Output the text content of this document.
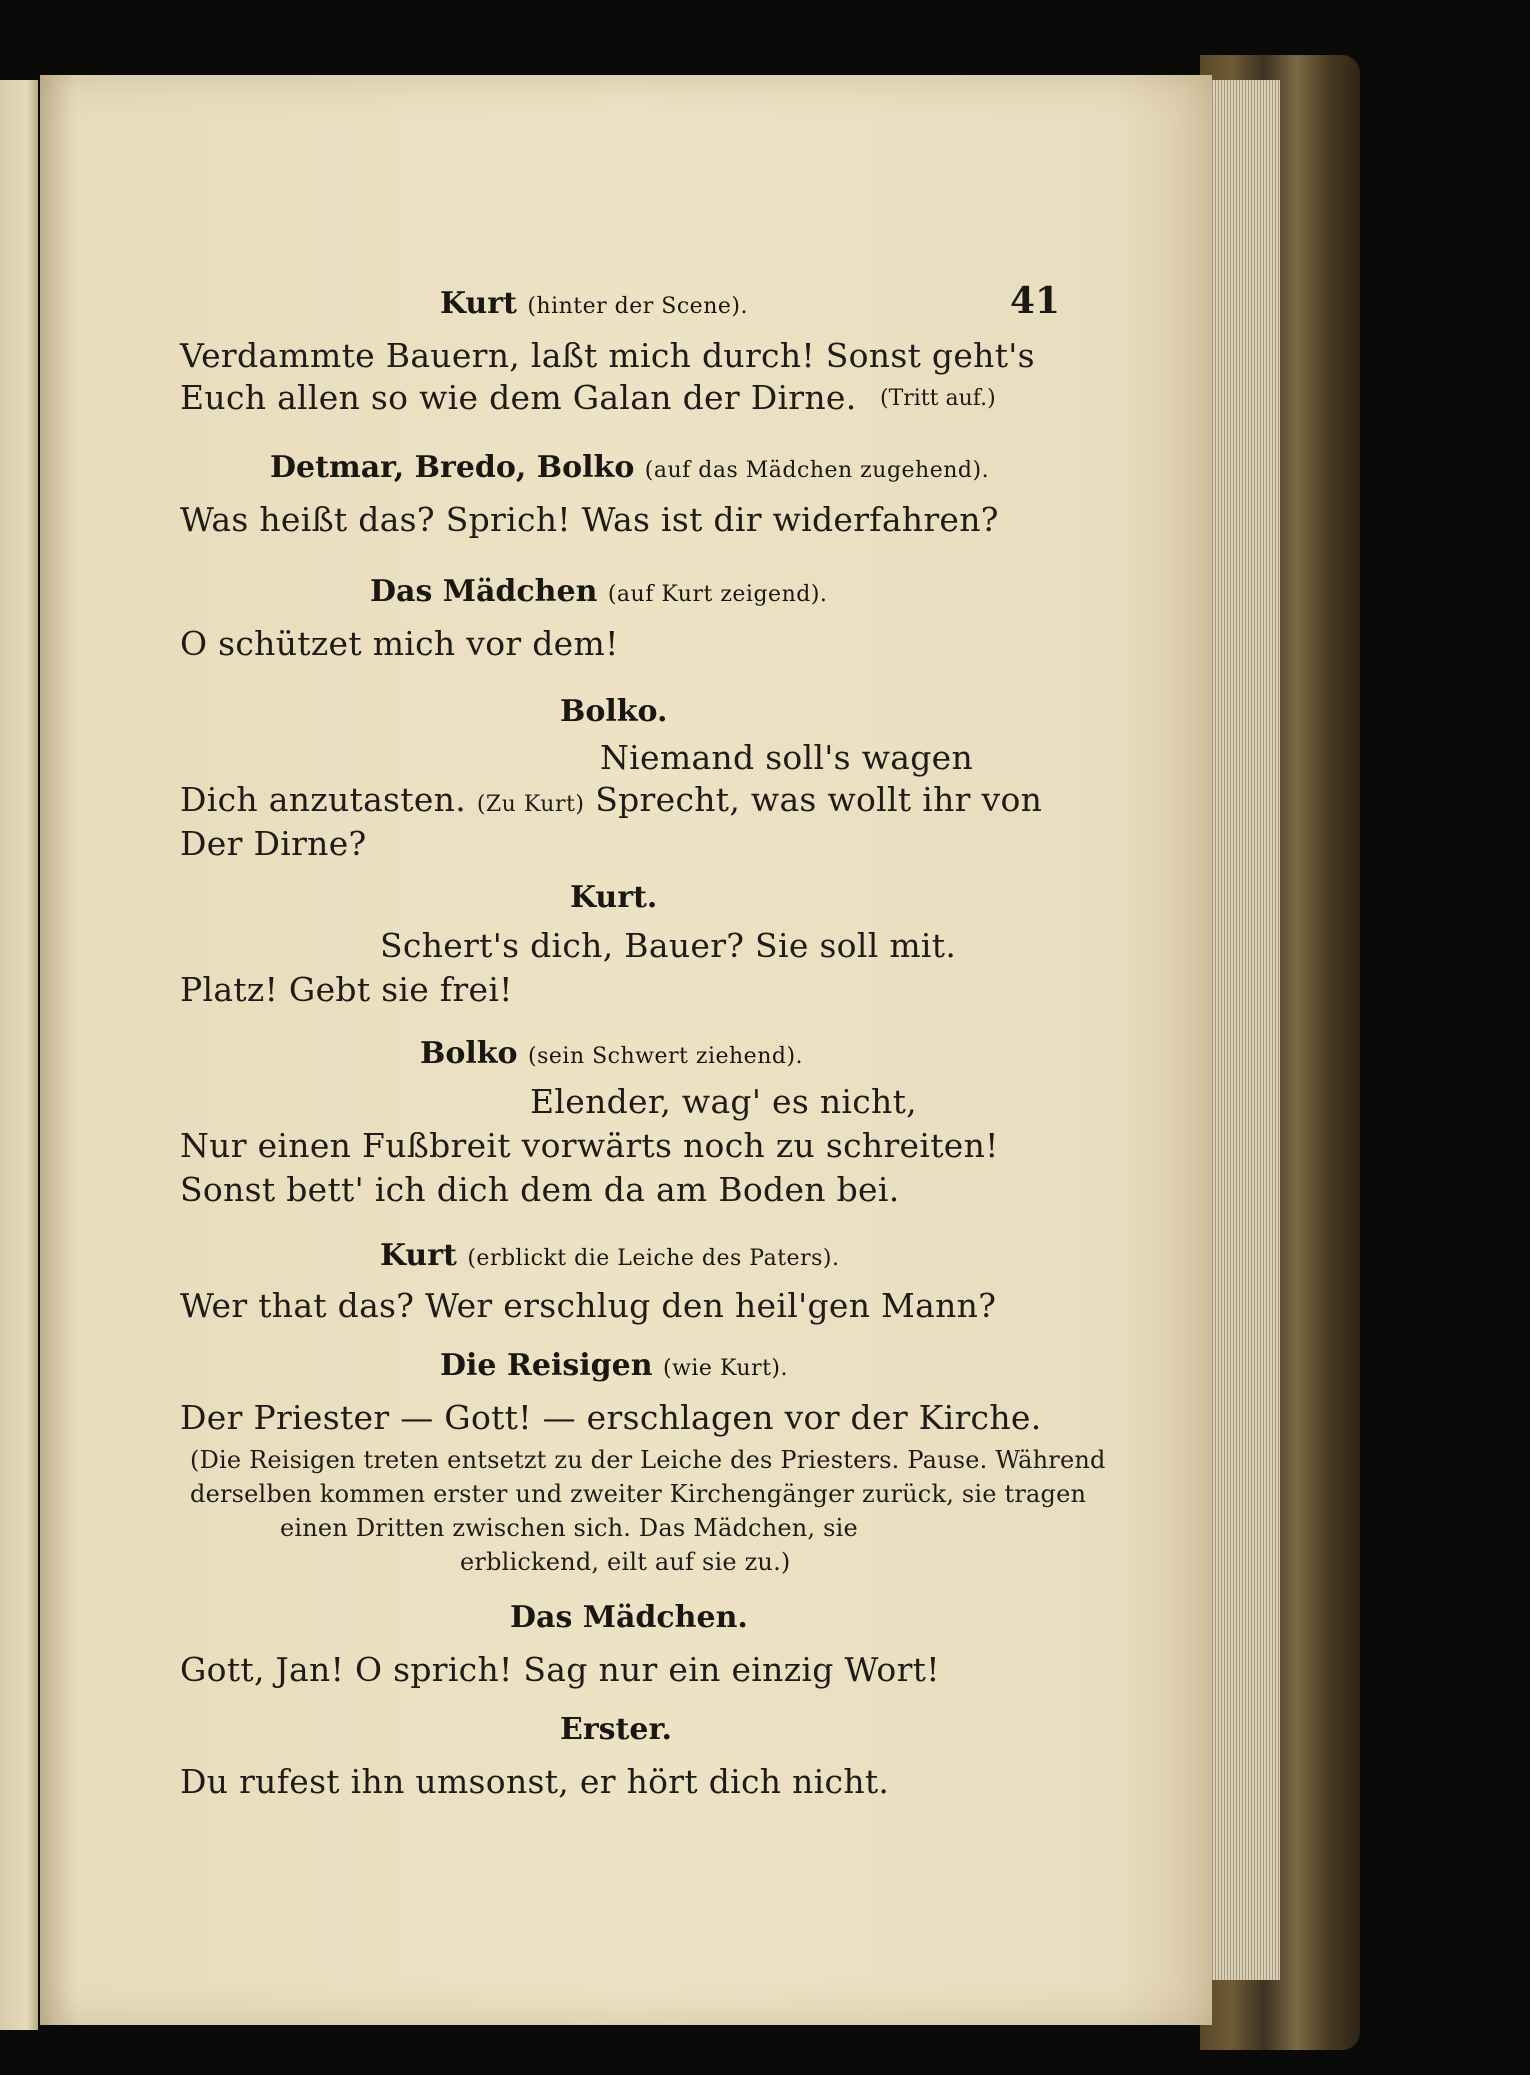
41
Kurt (hinter der Scene).
Verdammte Bauern, laßt mich durch! Sonst geht's
Euch allen so wie dem Galan der Dirne. (Tritt auf.)
Detmar, Bredo, Bolko (auf das Mädchen zugehend).
Was heißt das? Sprich! Was ist dir widerfahren?
Das Mädchen (auf Kurt zeigend).
O schützet mich vor dem!
Bolko.
Niemand soll's wagen
Dich anzutasten. (Zu Kurt) Sprecht, was wollt ihr von
Der Dirne?
Kurt.
Schert's dich, Bauer? Sie soll mit.
Platz! Gebt sie frei!
Bolko (sein Schwert ziehend).
Elender, wag' es nicht,
Nur einen Fußbreit vorwärts noch zu schreiten!
Sonst bett' ich dich dem da am Boden bei.
Kurt (erblickt die Leiche des Paters).
Wer that das? Wer erschlug den heil'gen Mann?
Die Reisigen (wie Kurt).
Der Priester — Gott! — erschlagen vor der Kirche.
(Die Reisigen treten entsetzt zu der Leiche des Priesters. Pause. Während
derselben kommen erster und zweiter Kirchengänger zurück, sie tragen
einen Dritten zwischen sich. Das Mädchen, sie
erblickend, eilt auf sie zu.)
Das Mädchen.
Gott, Jan! O sprich! Sag nur ein einzig Wort!
Erster.
Du rufest ihn umsonst, er hört dich nicht.
